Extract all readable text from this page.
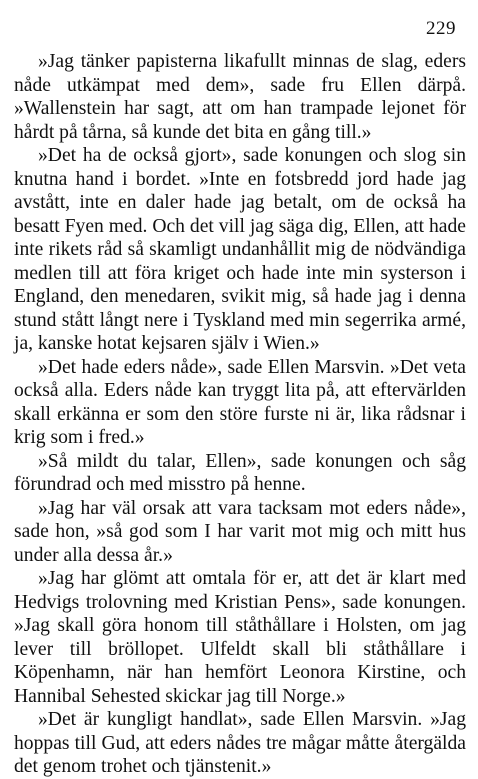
229

»Jag tänker papisterna likafullt minnas de slag, eders nåde utkämpat med dem», sade fru Ellen därpå. »Wallenstein har sagt, att om han trampade lejonet för hårdt på tårna, så kunde det bita en gång till.»

»Det ha de också gjort», sade konungen och slog sin knutna hand i bordet. »Inte en fotsbredd jord hade jag avstått, inte en daler hade jag betalt, om de också ha besatt Fyen med. Och det vill jag säga dig, Ellen, att hade inte rikets råd så skamligt undanhållit mig de nödvändiga medlen till att föra kriget och hade inte min systerson i England, den menedaren, svikit mig, så hade jag i denna stund stått långt nere i Tyskland med min segerrika armé, ja, kanske hotat kejsaren själv i Wien.»

»Det hade eders nåde», sade Ellen Marsvin. »Det veta också alla. Eders nåde kan tryggt lita på, att eftervärlden skall erkänna er som den störe furste ni är, lika rådsnar i krig som i fred.»

»Så mildt du talar, Ellen», sade konungen och såg förundrad och med misstro på henne.

»Jag har väl orsak att vara tacksam mot eders nåde», sade hon, »så god som I har varit mot mig och mitt hus under alla dessa år.»

»Jag har glömt att omtala för er, att det är klart med Hedvigs trolovning med Kristian Pens», sade konungen. »Jag skall göra honom till ståthållare i Holsten, om jag lever till bröllopet. Ulfeldt skall bli ståthållare i Köpenhamn, när han hemfört Leonora Kirstine, och Hannibal Sehested skickar jag till Norge.»

»Det är kungligt handlat», sade Ellen Marsvin. »Jag hoppas till Gud, att eders nådes tre mågar måtte återgälda det genom trohet och tjänstenit.»
